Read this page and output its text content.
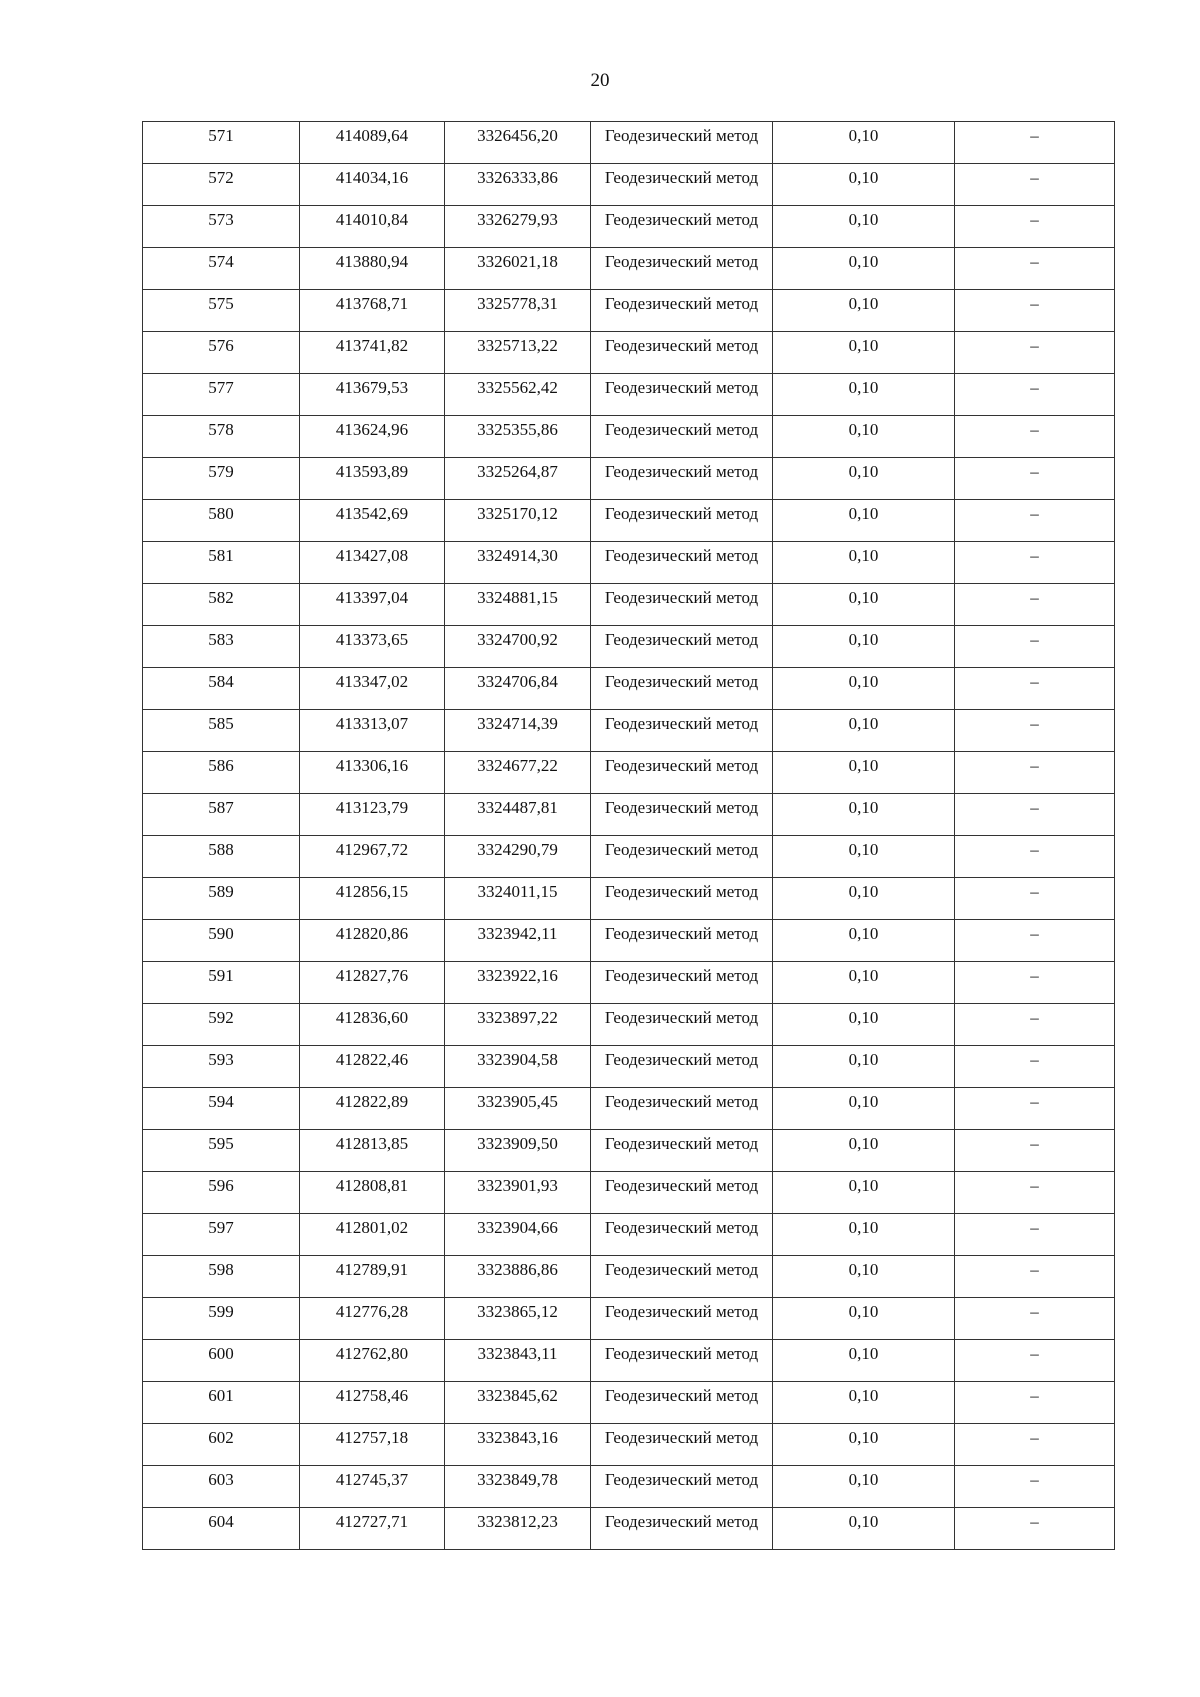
20
571	414089,64	3326456,20	Геодезический метод	0,10	–

572	414034,16	3326333,86	Геодезический метод	0,10	–

573	414010,84	3326279,93	Геодезический метод	0,10	–

574	413880,94	3326021,18	Геодезический метод	0,10	–

575	413768,71	3325778,31	Геодезический метод	0,10	–

576	413741,82	3325713,22	Геодезический метод	0,10	–

577	413679,53	3325562,42	Геодезический метод	0,10	–

578	413624,96	3325355,86	Геодезический метод	0,10	–

579	413593,89	3325264,87	Геодезический метод	0,10	–

580	413542,69	3325170,12	Геодезический метод	0,10	–

581	413427,08	3324914,30	Геодезический метод	0,10	–

582	413397,04	3324881,15	Геодезический метод	0,10	–

583	413373,65	3324700,92	Геодезический метод	0,10	–

584	413347,02	3324706,84	Геодезический метод	0,10	–

585	413313,07	3324714,39	Геодезический метод	0,10	–

586	413306,16	3324677,22	Геодезический метод	0,10	–

587	413123,79	3324487,81	Геодезический метод	0,10	–

588	412967,72	3324290,79	Геодезический метод	0,10	–

589	412856,15	3324011,15	Геодезический метод	0,10	–

590	412820,86	3323942,11	Геодезический метод	0,10	–

591	412827,76	3323922,16	Геодезический метод	0,10	–

592	412836,60	3323897,22	Геодезический метод	0,10	–

593	412822,46	3323904,58	Геодезический метод	0,10	–

594	412822,89	3323905,45	Геодезический метод	0,10	–

595	412813,85	3323909,50	Геодезический метод	0,10	–

596	412808,81	3323901,93	Геодезический метод	0,10	–

597	412801,02	3323904,66	Геодезический метод	0,10	–

598	412789,91	3323886,86	Геодезический метод	0,10	–

599	412776,28	3323865,12	Геодезический метод	0,10	–

600	412762,80	3323843,11	Геодезический метод	0,10	–

601	412758,46	3323845,62	Геодезический метод	0,10	–

602	412757,18	3323843,16	Геодезический метод	0,10	–

603	412745,37	3323849,78	Геодезический метод	0,10	–

604	412727,71	3323812,23	Геодезический метод	0,10	–
